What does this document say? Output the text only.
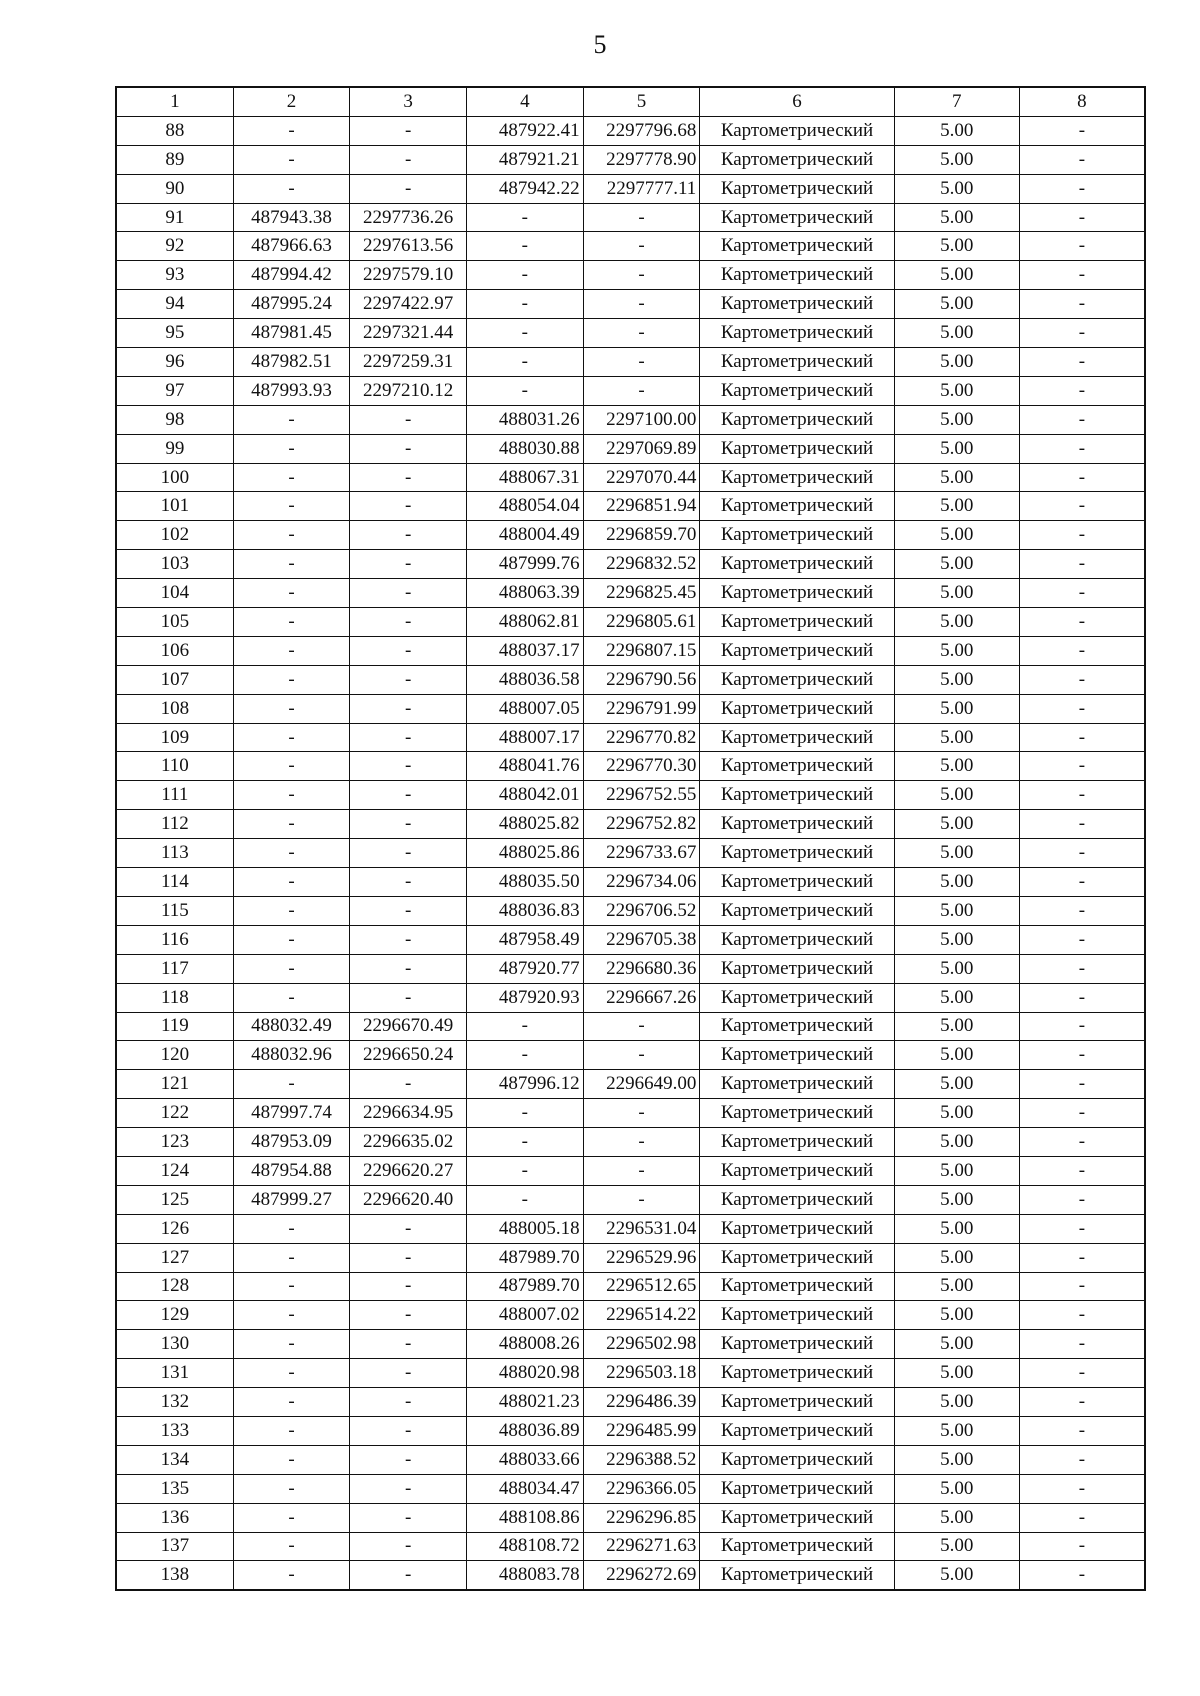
5
1	2	3	4	5	6	7	8
88	-	-	487922.41	2297796.68	Картометрический	5.00	-
89	-	-	487921.21	2297778.90	Картометрический	5.00	-
90	-	-	487942.22	2297777.11	Картометрический	5.00	-
91	487943.38	2297736.26	-	-	Картометрический	5.00	-
92	487966.63	2297613.56	-	-	Картометрический	5.00	-
93	487994.42	2297579.10	-	-	Картометрический	5.00	-
94	487995.24	2297422.97	-	-	Картометрический	5.00	-
95	487981.45	2297321.44	-	-	Картометрический	5.00	-
96	487982.51	2297259.31	-	-	Картометрический	5.00	-
97	487993.93	2297210.12	-	-	Картометрический	5.00	-
98	-	-	488031.26	2297100.00	Картометрический	5.00	-
99	-	-	488030.88	2297069.89	Картометрический	5.00	-
100	-	-	488067.31	2297070.44	Картометрический	5.00	-
101	-	-	488054.04	2296851.94	Картометрический	5.00	-
102	-	-	488004.49	2296859.70	Картометрический	5.00	-
103	-	-	487999.76	2296832.52	Картометрический	5.00	-
104	-	-	488063.39	2296825.45	Картометрический	5.00	-
105	-	-	488062.81	2296805.61	Картометрический	5.00	-
106	-	-	488037.17	2296807.15	Картометрический	5.00	-
107	-	-	488036.58	2296790.56	Картометрический	5.00	-
108	-	-	488007.05	2296791.99	Картометрический	5.00	-
109	-	-	488007.17	2296770.82	Картометрический	5.00	-
110	-	-	488041.76	2296770.30	Картометрический	5.00	-
111	-	-	488042.01	2296752.55	Картометрический	5.00	-
112	-	-	488025.82	2296752.82	Картометрический	5.00	-
113	-	-	488025.86	2296733.67	Картометрический	5.00	-
114	-	-	488035.50	2296734.06	Картометрический	5.00	-
115	-	-	488036.83	2296706.52	Картометрический	5.00	-
116	-	-	487958.49	2296705.38	Картометрический	5.00	-
117	-	-	487920.77	2296680.36	Картометрический	5.00	-
118	-	-	487920.93	2296667.26	Картометрический	5.00	-
119	488032.49	2296670.49	-	-	Картометрический	5.00	-
120	488032.96	2296650.24	-	-	Картометрический	5.00	-
121	-	-	487996.12	2296649.00	Картометрический	5.00	-
122	487997.74	2296634.95	-	-	Картометрический	5.00	-
123	487953.09	2296635.02	-	-	Картометрический	5.00	-
124	487954.88	2296620.27	-	-	Картометрический	5.00	-
125	487999.27	2296620.40	-	-	Картометрический	5.00	-
126	-	-	488005.18	2296531.04	Картометрический	5.00	-
127	-	-	487989.70	2296529.96	Картометрический	5.00	-
128	-	-	487989.70	2296512.65	Картометрический	5.00	-
129	-	-	488007.02	2296514.22	Картометрический	5.00	-
130	-	-	488008.26	2296502.98	Картометрический	5.00	-
131	-	-	488020.98	2296503.18	Картометрический	5.00	-
132	-	-	488021.23	2296486.39	Картометрический	5.00	-
133	-	-	488036.89	2296485.99	Картометрический	5.00	-
134	-	-	488033.66	2296388.52	Картометрический	5.00	-
135	-	-	488034.47	2296366.05	Картометрический	5.00	-
136	-	-	488108.86	2296296.85	Картометрический	5.00	-
137	-	-	488108.72	2296271.63	Картометрический	5.00	-
138	-	-	488083.78	2296272.69	Картометрический	5.00	-
